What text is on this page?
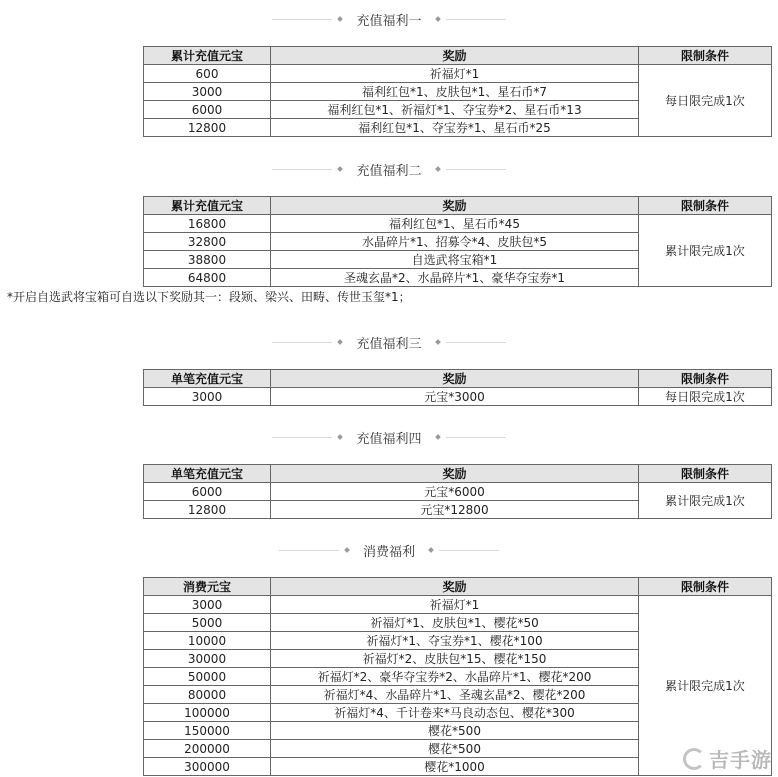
充值福利一
累计充值元宝	奖励	限制条件
600	祈福灯*1	每日限完成1次
3000	福利红包*1、皮肤包*1、星石币*7	
6000	福利红包*1、祈福灯*1、夺宝券*2、星石币*13	
12800	福利红包*1、夺宝券*1、星石币*25	
充值福利二
累计充值元宝	奖励	限制条件
16800	福利红包*1、星石币*45	累计限完成1次
32800	水晶碎片*1、招募令*4、皮肤包*5	
38800	自选武将宝箱*1	
64800	圣魂玄晶*2、水晶碎片*1、豪华夺宝券*1	
*开启自选武将宝箱可自选以下奖励其一：段颎、梁兴、田畴、传世玉玺*1；
充值福利三
单笔充值元宝	奖励	限制条件
3000	元宝*3000	每日限完成1次
充值福利四
单笔充值元宝	奖励	限制条件
6000	元宝*6000	累计限完成1次
12800	元宝*12800	
消费福利
消费元宝	奖励	限制条件
3000	祈福灯*1	累计限完成1次
5000	祈福灯*1、皮肤包*1、樱花*50	
10000	祈福灯*1、夺宝券*1、樱花*100	
30000	祈福灯*2、皮肤包*15、樱花*150	
50000	祈福灯*2、豪华夺宝券*2、水晶碎片*1、樱花*200	
80000	祈福灯*4、水晶碎片*1、圣魂玄晶*2、樱花*200	
100000	祈福灯*4、千计卷来*马良动态包、樱花*300	
150000	樱花*500	
200000	樱花*500	
300000	樱花*1000		吉手游
